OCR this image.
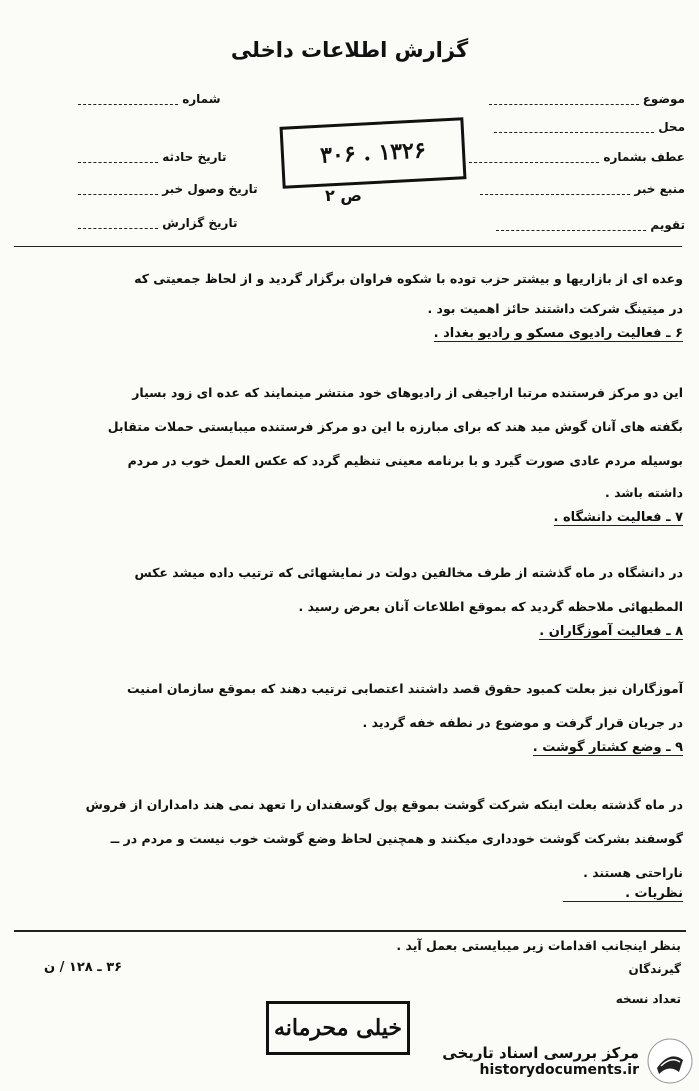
گزارش اطلاعات داخلی
موضوع
محل
عطف بشماره
منبع خبر
تقویم
شماره
تاریخ حادثه
تاریخ وصول خبر
تاریخ گزارش
۳۰۶ . ۱۳۲۶
ص ۲
وعده ای از بازاریها و بیشتر حزب توده با شکوه فراوان برگزار گردید و از لحاظ جمعیتی که
در میتینگ شرکت داشتند حائز اهمیت بود .
۶ ـ فعالیت رادیوی مسکو و رادیو بغداد .
این دو مرکز فرستنده مرتبا اراجیفی از رادیوهای خود منتشر مینمایند که عده ای زود بسیار
بگفته های آنان گوش مید هند که برای مبارزه با این دو مرکز فرستنده میبایستی حملات متقابل
بوسیله مردم عادی صورت گیرد و با برنامه معینی تنظیم گردد که عکس العمل خوب در مردم
داشته باشد .
۷ ـ فعالیت دانشگاه .
در دانشگاه در ماه گذشته از طرف مخالفین دولت در نمایشهائی که ترتیب داده میشد عکس
المطیهائی ملاحظه گردید که بموقع اطلاعات آنان بعرض رسید .
۸ ـ فعالیت آموزگاران .
آموزگاران نیز بعلت کمبود حقوق قصد داشتند اعتصابی ترتیب دهند که بموقع سازمان امنیت
در جریان قرار گرفت و موضوع در نطفه خفه گردید .
۹ ـ وضع کشتار گوشت .
در ماه گذشته بعلت اینکه شرکت گوشت بموقع پول گوسفندان را تعهد نمی هند دامداران از فروش
گوسفند بشرکت گوشت خودداری میکنند و همچنین لحاظ وضع گوشت خوب نیست و مردم در ــ
ناراحتی هستند .
نظریات .
بنظر اینجانب اقدامات زیر میبایستی بعمل آید .
گیرندگان
تعداد نسخه
۳۶ ـ ۱۲۸ / ن
خیلی محرمانه
مرکز بررسی اسناد تاریخی
historydocuments.ir
